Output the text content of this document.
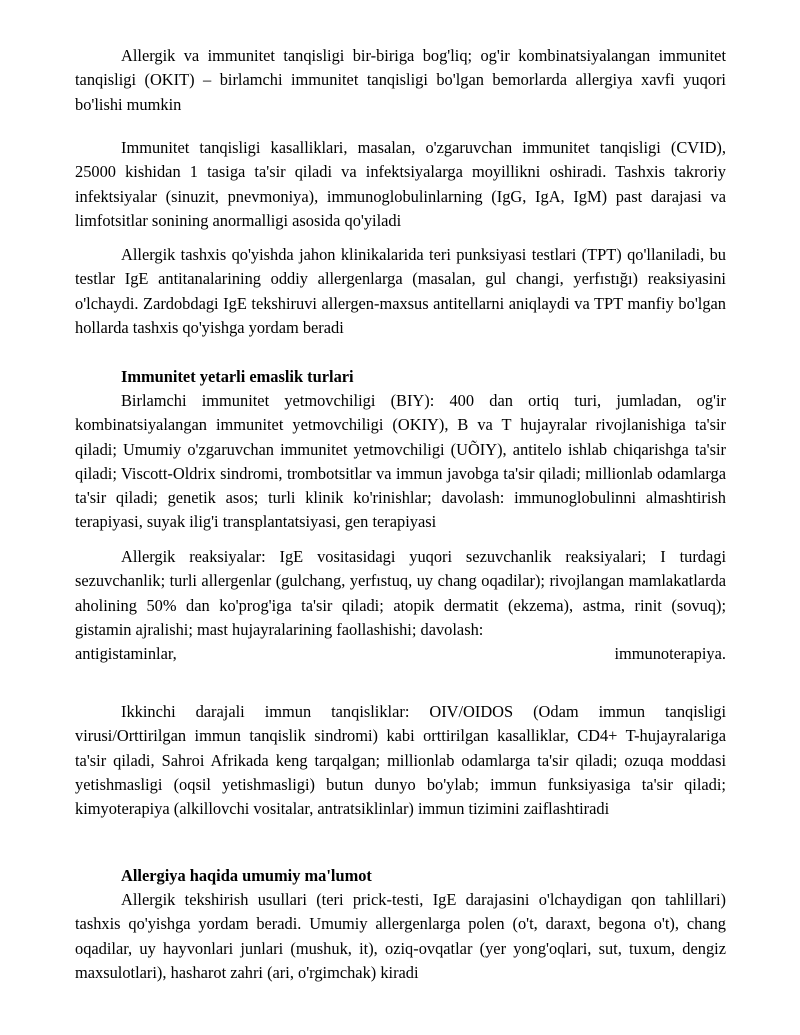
Allergik va immunitet tanqisligi bir-biriga bog'liq; og'ir kombinatsiyalangan immunitet tanqisligi (OKIT) – birlamchi immunitet tanqisligi bo'lgan bemorlarda allergiya xavfi yuqori bo'lishi mumkin

Immunitet tanqisligi kasalliklari, masalan, o'zgaruvchan immunitet tanqisligi (CVID), 25000 kishidan 1 tasiga ta'sir qiladi va infektsiyalarga moyillikni oshiradi. Tashxis takroriy infektsiyalar (sinuzit, pnevmoniya), immunoglobulinlarning (IgG, IgA, IgM) past darajasi va limfotsitlar sonining anormalligi asosida qo'yiladi

Allergik tashxis qo'yishda jahon klinikalarida teri punksiyasi testlari (TPT) qo'llaniladi, bu testlar IgE antitanalarining oddiy allergenlarga (masalan, gul changi, yerfıstığı) reaksiyasini o'lchaydi. Zardobdagi IgE tekshiruvi allergen-maxsus antitellarni aniqlaydi va TPT manfiy bo'lgan hollarda tashxis qo'yishga yordam beradi

Immunitet yetarli emaslik turlari

Birlamchi immunitet yetmovchiligi (BIY): 400 dan ortiq turi, jumladan, og'ir kombinatsiyalangan immunitet yetmovchiligi (OKIY), B va T hujayralar rivojlanishiga ta'sir qiladi; Umumiy o'zgaruvchan immunitet yetmovchiligi (UÕIY), antitelo ishlab chiqarishga ta'sir qiladi; Viscott-Oldrix sindromi, trombotsitlar va immun javobga ta'sir qiladi; millionlab odamlarga ta'sir qiladi; genetik asos; turli klinik ko'rinishlar; davolash: immunoglobulinni almashtirish terapiyasi, suyak ilig'i transplantatsiyasi, gen terapiyasi

Allergik reaksiyalar: IgE vositasidagi yuqori sezuvchanlik reaksiyalari; I turdagi sezuvchanlik; turli allergenlar (gulchang, yerfıstuq, uy chang oqadilar); rivojlangan mamlakatlarda aholining 50% dan ko'prog'iga ta'sir qiladi; atopik dermatit (ekzema), astma, rinit (sovuq); gistamin ajralishi; mast hujayralarining faollashishi; davolash:
antigistaminlar,	immunoterapiya.

Ikkinchi darajali immun tanqisliklar: OIV/OIDOS (Odam immun tanqisligi virusi/Orttirilgan immun tanqislik sindromi) kabi orttirilgan kasalliklar, CD4+ T-hujayralariga ta'sir qiladi, Sahroi Afrikada keng tarqalgan; millionlab odamlarga ta'sir qiladi; ozuqa moddasi yetishmasligi (oqsil yetishmasligi) butun dunyo bo'ylab; immun funksiyasiga ta'sir qiladi; kimyoterapiya (alkillovchi vositalar, antratsiklinlar) immun tizimini zaiflashtiradi

Allergiya haqida umumiy ma'lumot

Allergik tekshirish usullari (teri prick-testi, IgE darajasini o'lchaydigan qon tahlillari) tashxis qo'yishga yordam beradi. Umumiy allergenlarga polen (o't, daraxt, begona o't), chang oqadilar, uy hayvonlari junlari (mushuk, it), oziq-ovqatlar (yer yong'oqlari, sut, tuxum, dengiz maxsulotlari), hasharot zahri (ari, o'rgimchak) kiradi
